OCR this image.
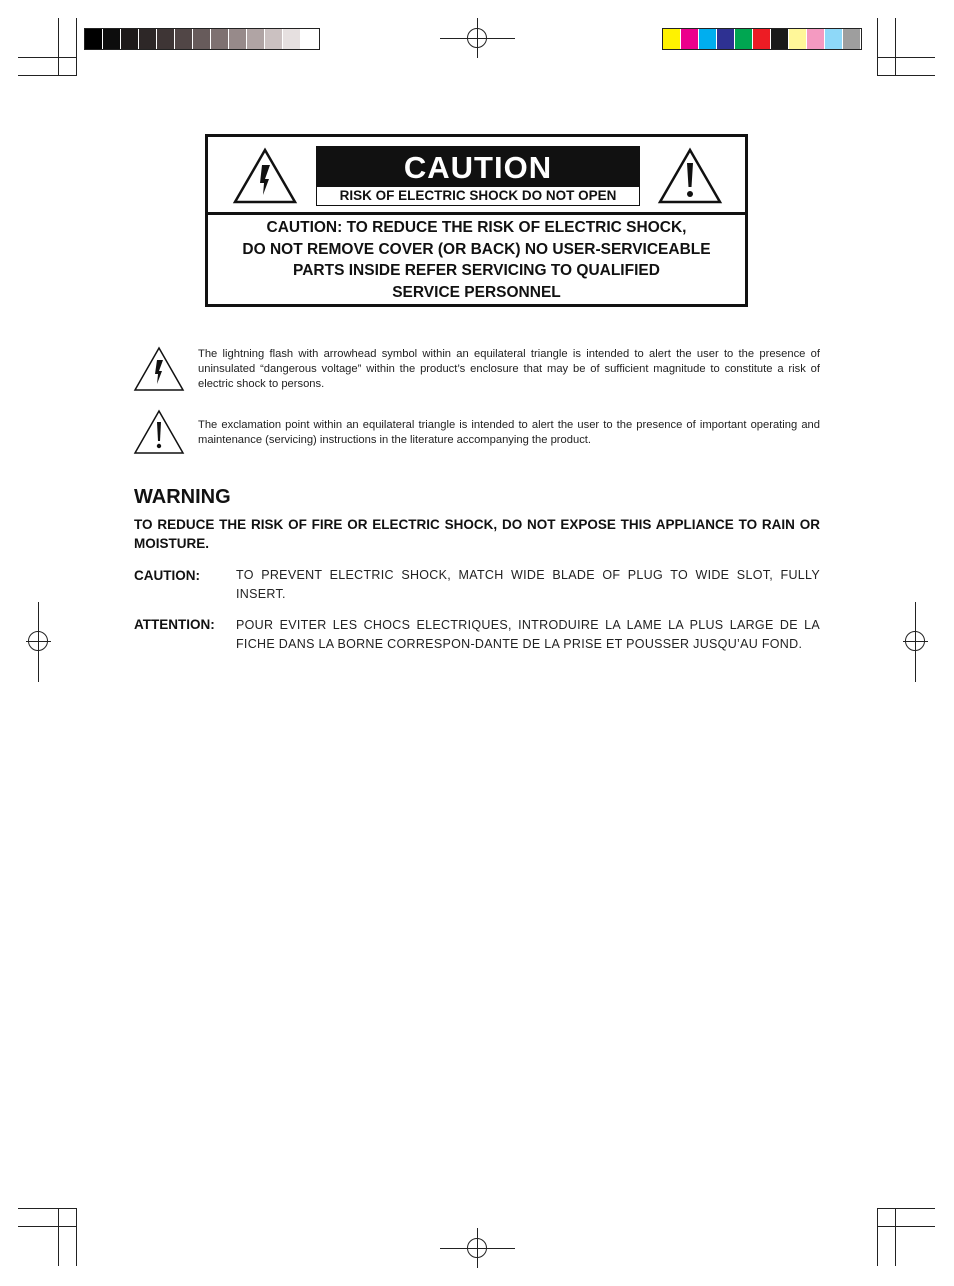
CAUTION
RISK OF ELECTRIC SHOCK DO NOT OPEN
CAUTION: TO REDUCE THE RISK OF ELECTRIC SHOCK,
DO NOT REMOVE COVER (OR BACK) NO USER-SERVICEABLE
PARTS INSIDE REFER SERVICING TO QUALIFIED
SERVICE PERSONNEL
The lightning flash with arrowhead symbol within an equilateral triangle is intended to alert the user to the presence of uninsulated “dangerous voltage” within the product’s enclosure that may be of sufficient magnitude to constitute a risk of electric shock to persons.
The exclamation point within an equilateral triangle is intended to alert the user to the presence of important operating and maintenance (servicing) instructions in the literature accompanying the product.
WARNING
TO REDUCE THE RISK OF FIRE OR ELECTRIC SHOCK, DO NOT EXPOSE THIS APPLIANCE TO RAIN OR MOISTURE.
CAUTION:	TO PREVENT ELECTRIC SHOCK, MATCH WIDE BLADE OF PLUG TO WIDE SLOT, FULLY INSERT.
ATTENTION: POUR EVITER LES CHOCS ELECTRIQUES, INTRODUIRE LA LAME LA PLUS LARGE DE LA FICHE DANS LA BORNE CORRESPON-DANTE DE LA PRISE ET POUSSER JUSQU’AU FOND.
